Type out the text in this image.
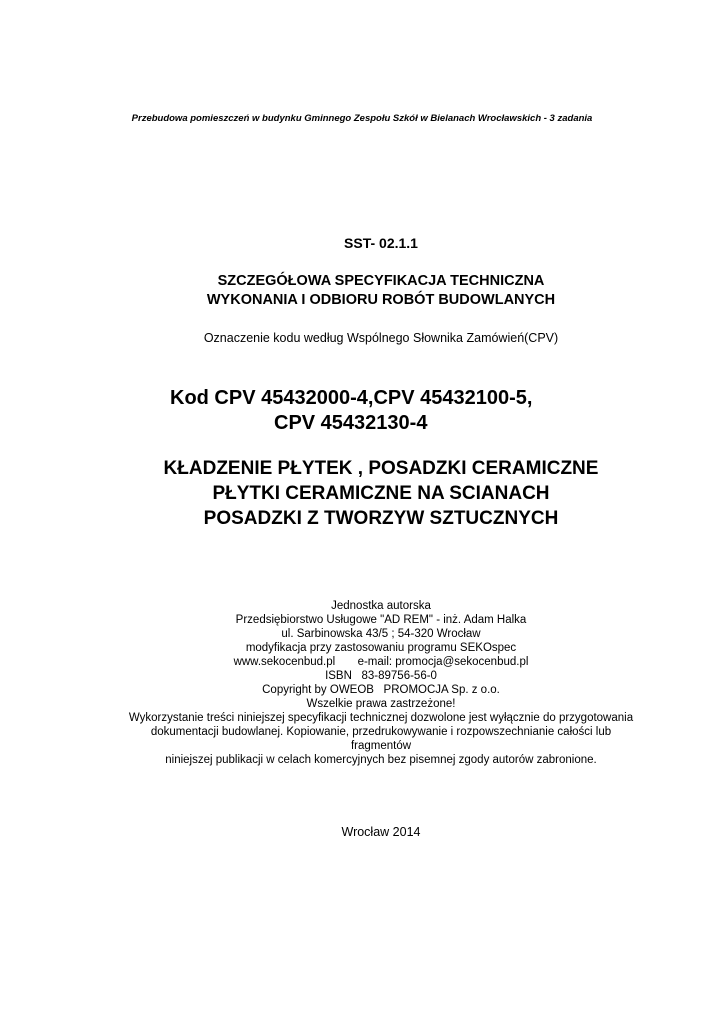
Przebudowa pomieszczeń w budynku Gminnego Zespołu Szkół w Bielanach Wrocławskich - 3 zadania
SST- 02.1.1
SZCZEGÓŁOWA SPECYFIKACJA TECHNICZNA
WYKONANIA I ODBIORU ROBÓT BUDOWLANYCH
Oznaczenie kodu według Wspólnego Słownika Zamówień(CPV)
Kod CPV 45432000-4,CPV 45432100-5,
CPV 45432130-4
KŁADZENIE PŁYTEK , POSADZKI CERAMICZNE
PŁYTKI CERAMICZNE NA SCIANACH
POSADZKI Z TWORZYW SZTUCZNYCH
Jednostka autorska
Przedsiębiorstwo Usługowe "AD REM" - inż. Adam Halka
ul. Sarbinowska 43/5 ; 54-320 Wrocław
modyfikacja przy zastosowaniu programu SEKOspec
www.sekocenbud.pl       e-mail: promocja@sekocenbud.pl
ISBN   83-89756-56-0
Copyright by OWEOB   PROMOCJA Sp. z o.o.
Wszelkie prawa zastrzeżone!
Wykorzystanie treści niniejszej specyfikacji technicznej dozwolone jest wyłącznie do przygotowania
dokumentacji budowlanej. Kopiowanie, przedrukowywanie i rozpowszechnianie całości lub
fragmentów
niniejszej publikacji w celach komercyjnych bez pisemnej zgody autorów zabronione.
Wrocław 2014
